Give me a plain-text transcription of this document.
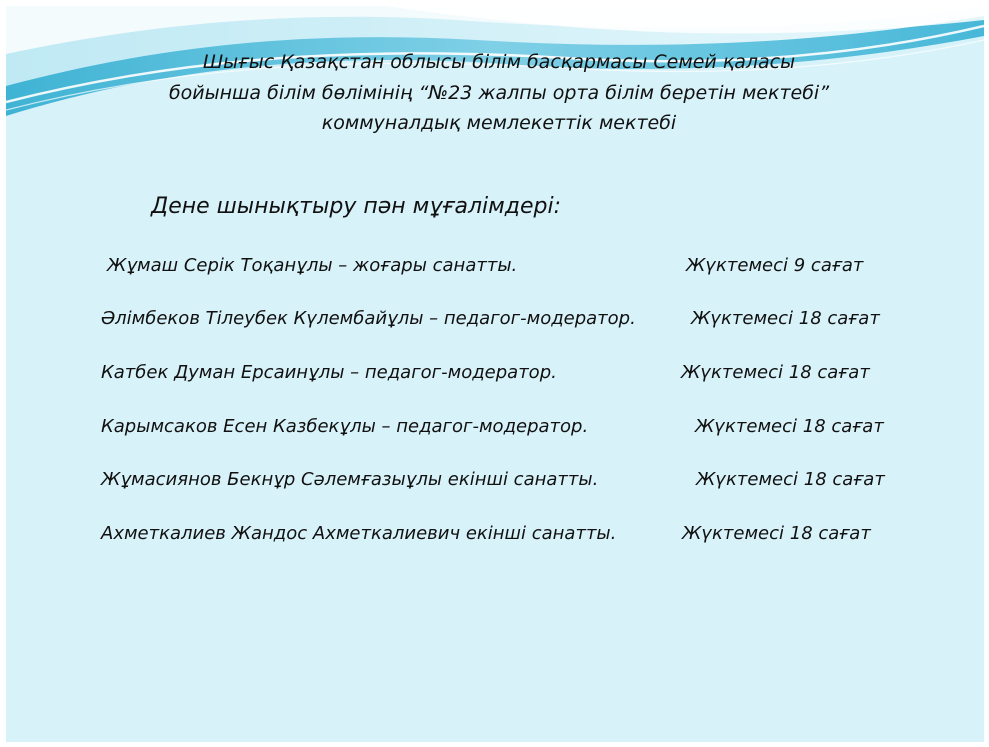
Шығыс Қазақстан облысы білім басқармасы Семей қаласы
бойынша білім бөлімінің “№23 жалпы орта білім беретін мектебі”
коммуналдық мемлекеттік мектебі
Дене шынықтыру пән мұғалімдері:
Жұмаш Серік Тоқанұлы – жоғары санатты.	Жүктемесі 9 сағат
Әлімбеков Тілеубек Күлембайұлы – педагог-модератор.	Жүктемесі 18 сағат
Катбек Думан Ерсаинұлы – педагог-модератор.	Жүктемесі 18 сағат
Карымсаков Есен Казбекұлы – педагог-модератор.	Жүктемесі 18 сағат
Жұмасиянов Бекнұр Сәлемғазыұлы екінші санатты.	Жүктемесі 18 сағат
Ахметкалиев Жандос Ахметкалиевич екінші санатты.	Жүктемесі 18 сағат
